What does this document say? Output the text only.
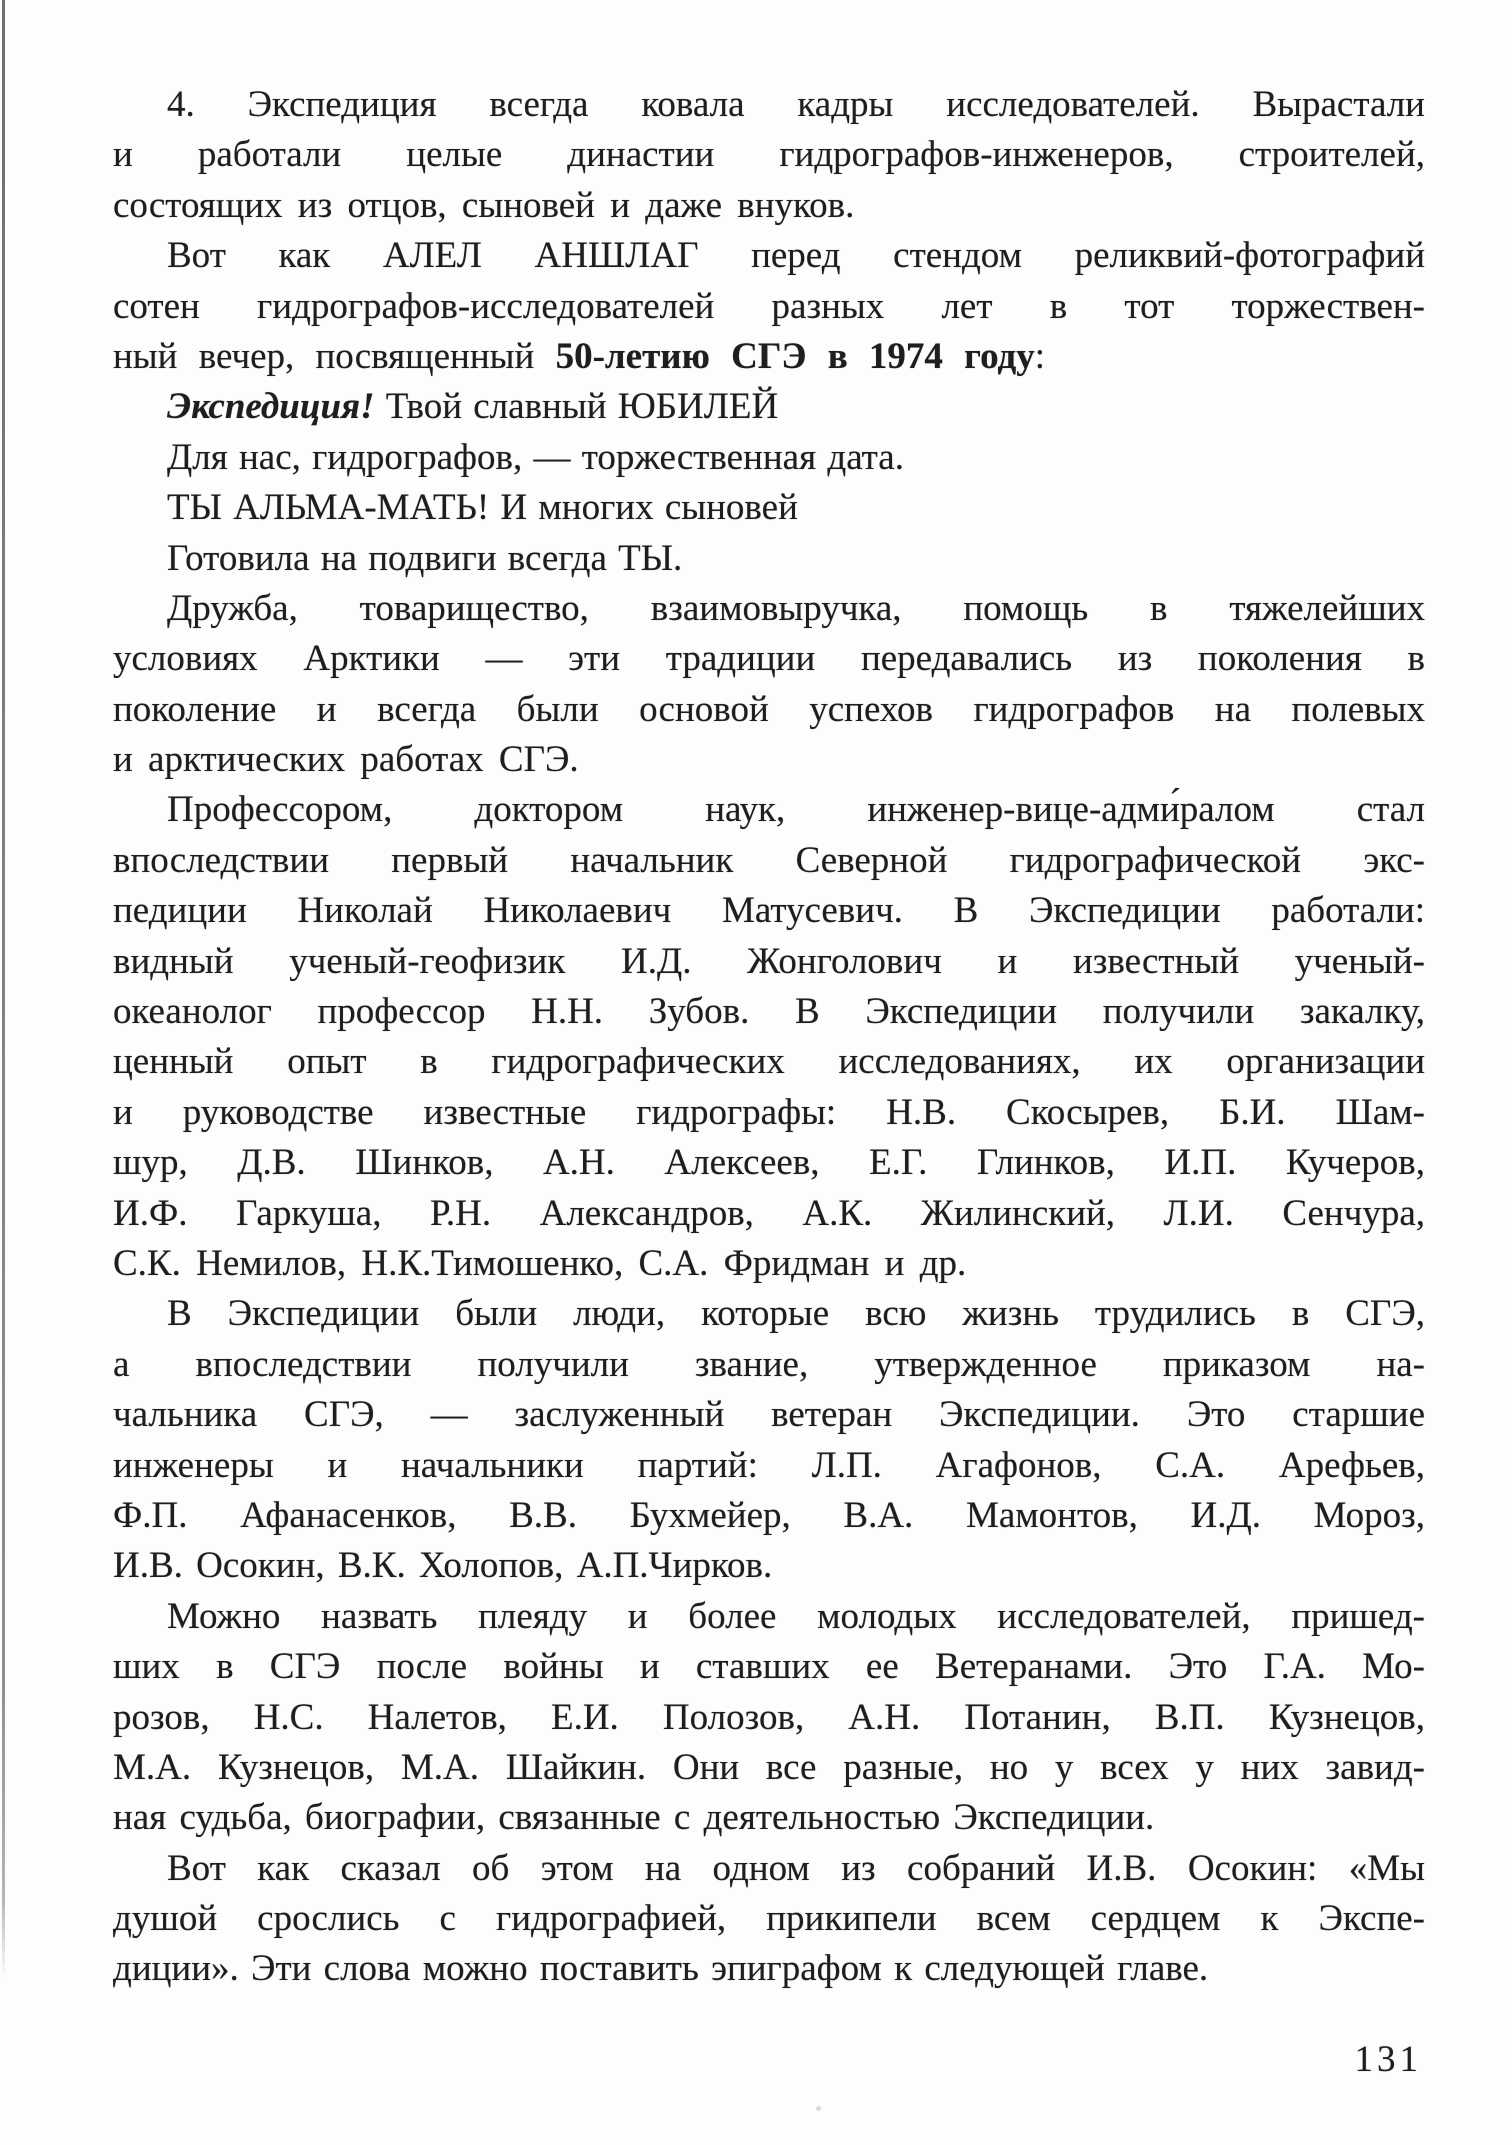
4. Экспедиция всегда ковала кадры исследователей. Вырастали
и работали целые династии гидрографов-инженеров, строителей,
состоящих из отцов, сыновей и даже внуков.
Вот как АЛЕЛ АНШЛАГ перед стендом реликвий-фотографий
сотен гидрографов-исследователей разных лет в тот торжествен-
ный вечер, посвященный 50-летию СГЭ в 1974 году:
Экспедиция! Твой славный ЮБИЛЕЙ
Для нас, гидрографов, — торжественная дата.
ТЫ АЛЬМА-МАТЬ! И многих сыновей
Готовила на подвиги всегда ТЫ.
Дружба, товарищество, взаимовыручка, помощь в тяжелейших
условиях Арктики — эти традиции передавались из поколения в
поколение и всегда были основой успехов гидрографов на полевых
и арктических работах СГЭ.
Профессором, доктором наук, инженер-вице-адми́ралом стал
впоследствии первый начальник Северной гидрографической экс-
педиции Николай Николаевич Матусевич. В Экспедиции работали:
видный ученый-геофизик И.Д. Жонголович и известный ученый-
океанолог профессор Н.Н. Зубов. В Экспедиции получили закалку,
ценный опыт в гидрографических исследованиях, их организации
и руководстве известные гидрографы: Н.В. Скосырев, Б.И. Шам-
шур, Д.В. Шинков, А.Н. Алексеев, Е.Г. Глинков, И.П. Кучеров,
И.Ф. Гаркуша, Р.Н. Александров, А.К. Жилинский, Л.И. Сенчура,
С.К. Немилов, Н.К.Тимошенко, С.А. Фридман и др.
В Экспедиции были люди, которые всю жизнь трудились в СГЭ,
а впоследствии получили звание, утвержденное приказом на-
чальника СГЭ, — заслуженный ветеран Экспедиции. Это старшие
инженеры и начальники партий: Л.П. Агафонов, С.А. Арефьев,
Ф.П. Афанасенков, В.В. Бухмейер, В.А. Мамонтов, И.Д. Мороз,
И.В. Осокин, В.К. Холопов, А.П.Чирков.
Можно назвать плеяду и более молодых исследователей, пришед-
ших в СГЭ после войны и ставших ее Ветеранами. Это Г.А. Мо-
розов, Н.С. Налетов, Е.И. Полозов, А.Н. Потанин, В.П. Кузнецов,
М.А. Кузнецов, М.А. Шайкин. Они все разные, но у всех у них завид-
ная судьба, биографии, связанные с деятельностью Экспедиции.
Вот как сказал об этом на одном из собраний И.В. Осокин: «Мы
душой срослись с гидрографией, прикипели всем сердцем к Экспе-
диции». Эти слова можно поставить эпиграфом к следующей главе.
131
